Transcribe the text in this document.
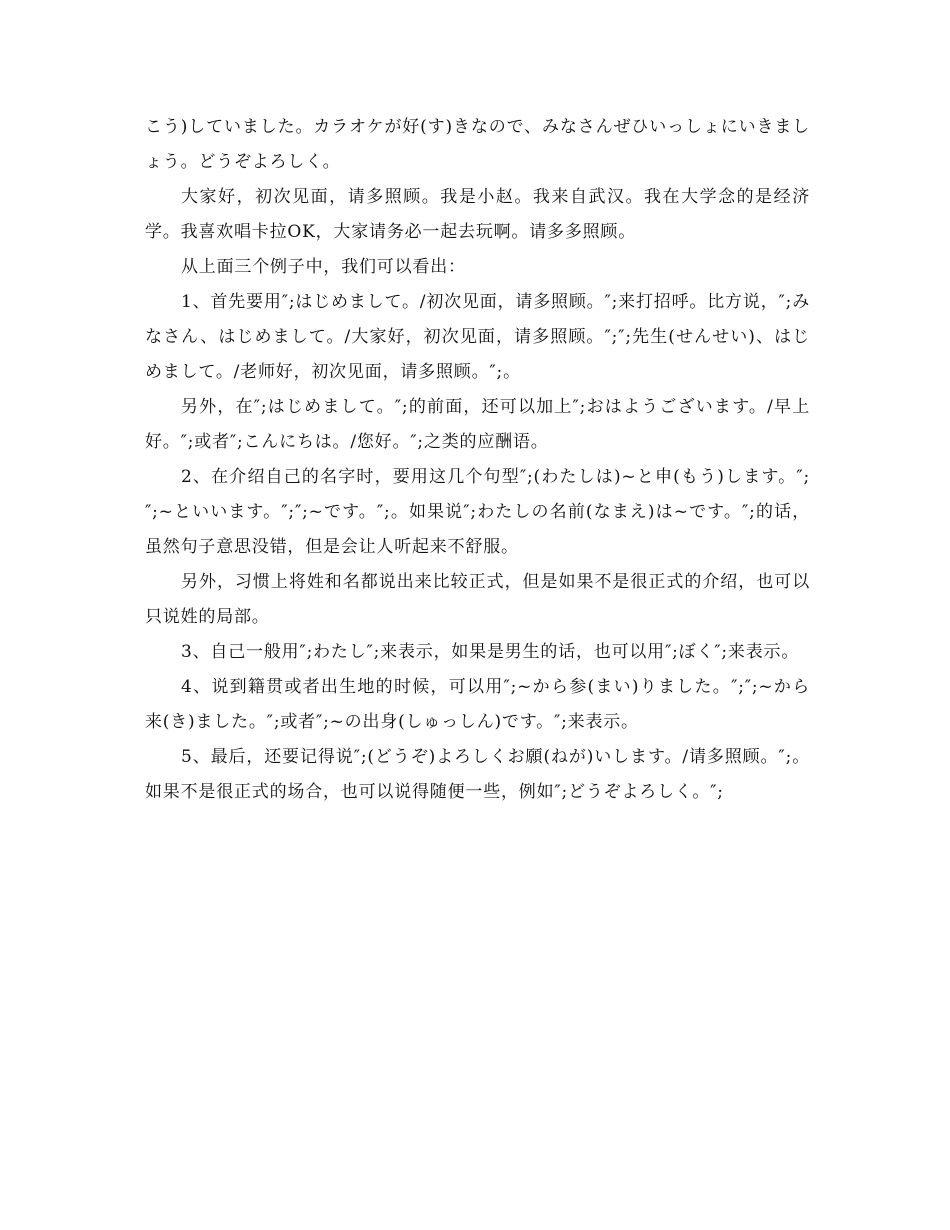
こう)していました。カラオケが好(す)きなので、みなさんぜひいっしょにいきましょう。どうぞよろしく。

大家好，初次见面，请多照顾。我是小赵。我来自武汉。我在大学念的是经济学。我喜欢唱卡拉OK，大家请务必一起去玩啊。请多多照顾。

从上面三个例子中，我们可以看出：

1、首先要用″;はじめまして。/初次见面，请多照顾。″;来打招呼。比方说，″;みなさん、はじめまして。/大家好，初次见面，请多照顾。″;″;先生(せんせい)、はじめまして。/老师好，初次见面，请多照顾。″;。

另外，在″;はじめまして。″;的前面，还可以加上″;おはようございます。/早上好。″;或者″;こんにちは。/您好。″;之类的应酬语。

2、在介绍自己的名字时，要用这几个句型″;(わたしは)~と申(もう)します。″;″;~といいます。″;″;~です。″;。如果说″;わたしの名前(なまえ)は~です。″;的话，虽然句子意思没错，但是会让人听起来不舒服。

另外，习惯上将姓和名都说出来比较正式，但是如果不是很正式的介绍，也可以只说姓的局部。

3、自己一般用″;わたし″;来表示，如果是男生的话，也可以用″;ぼく″;来表示。

4、说到籍贯或者出生地的时候，可以用″;~から参(まい)りました。″;″;~から来(き)ました。″;或者″;~の出身(しゅっしん)です。″;来表示。

5、最后，还要记得说″;(どうぞ)よろしくお願(ねが)いします。/请多照顾。″;。如果不是很正式的场合，也可以说得随便一些，例如″;どうぞよろしく。″;
